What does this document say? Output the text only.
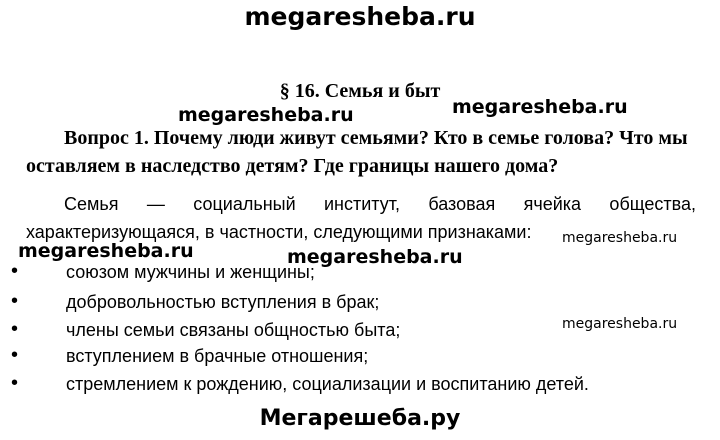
megaresheba.ru
§ 16. Семья и быт
megaresheba.ru	megaresheba.ru
Вопрос 1. Почему люди живут семьями? Кто в семье голова? Что мы оставляем в наследство детям? Где границы нашего дома?
Семья — социальный институт, базовая ячейка общества, характеризующаяся, в частности, следующими признаками:
megaresheba.ru	megaresheba.ru
megaresheba.ru
megaresheba.ru
•	союзом мужчины и женщины;
•	добровольностью вступления в брак;
•	члены семьи связаны общностью быта;
•	вступлением в брачные отношения;
•	стремлением к рождению, социализации и воспитанию детей.
Мегарешеба.ру
